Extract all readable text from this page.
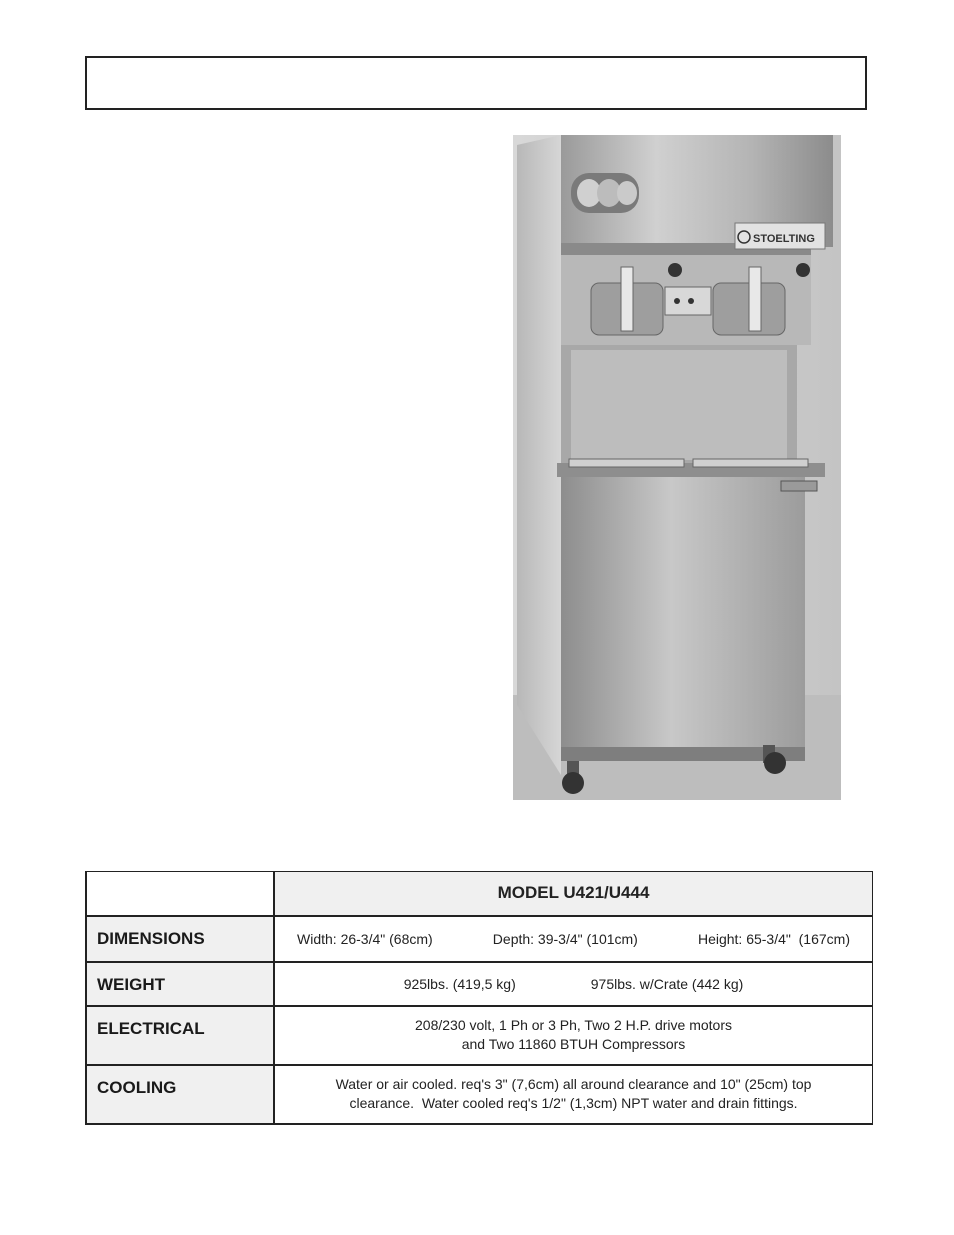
STOELTING
	MODEL U421/U444

DIMENSIONS	Width: 26-3/4" (68cm) Depth: 39-3/4" (101cm) Height: 65-3/4"  (167cm)

WEIGHT	925lbs. (419,5 kg) 975lbs. w/Crate (442 kg)

ELECTRICAL	208/230 volt, 1 Ph or 3 Ph, Two 2 H.P. drive motors
and Two 11860 BTUH Compressors

COOLING	Water or air cooled. req's 3" (7,6cm) all around clearance and 10" (25cm) top
clearance.  Water cooled req's 1/2" (1,3cm) NPT water and drain fittings.
